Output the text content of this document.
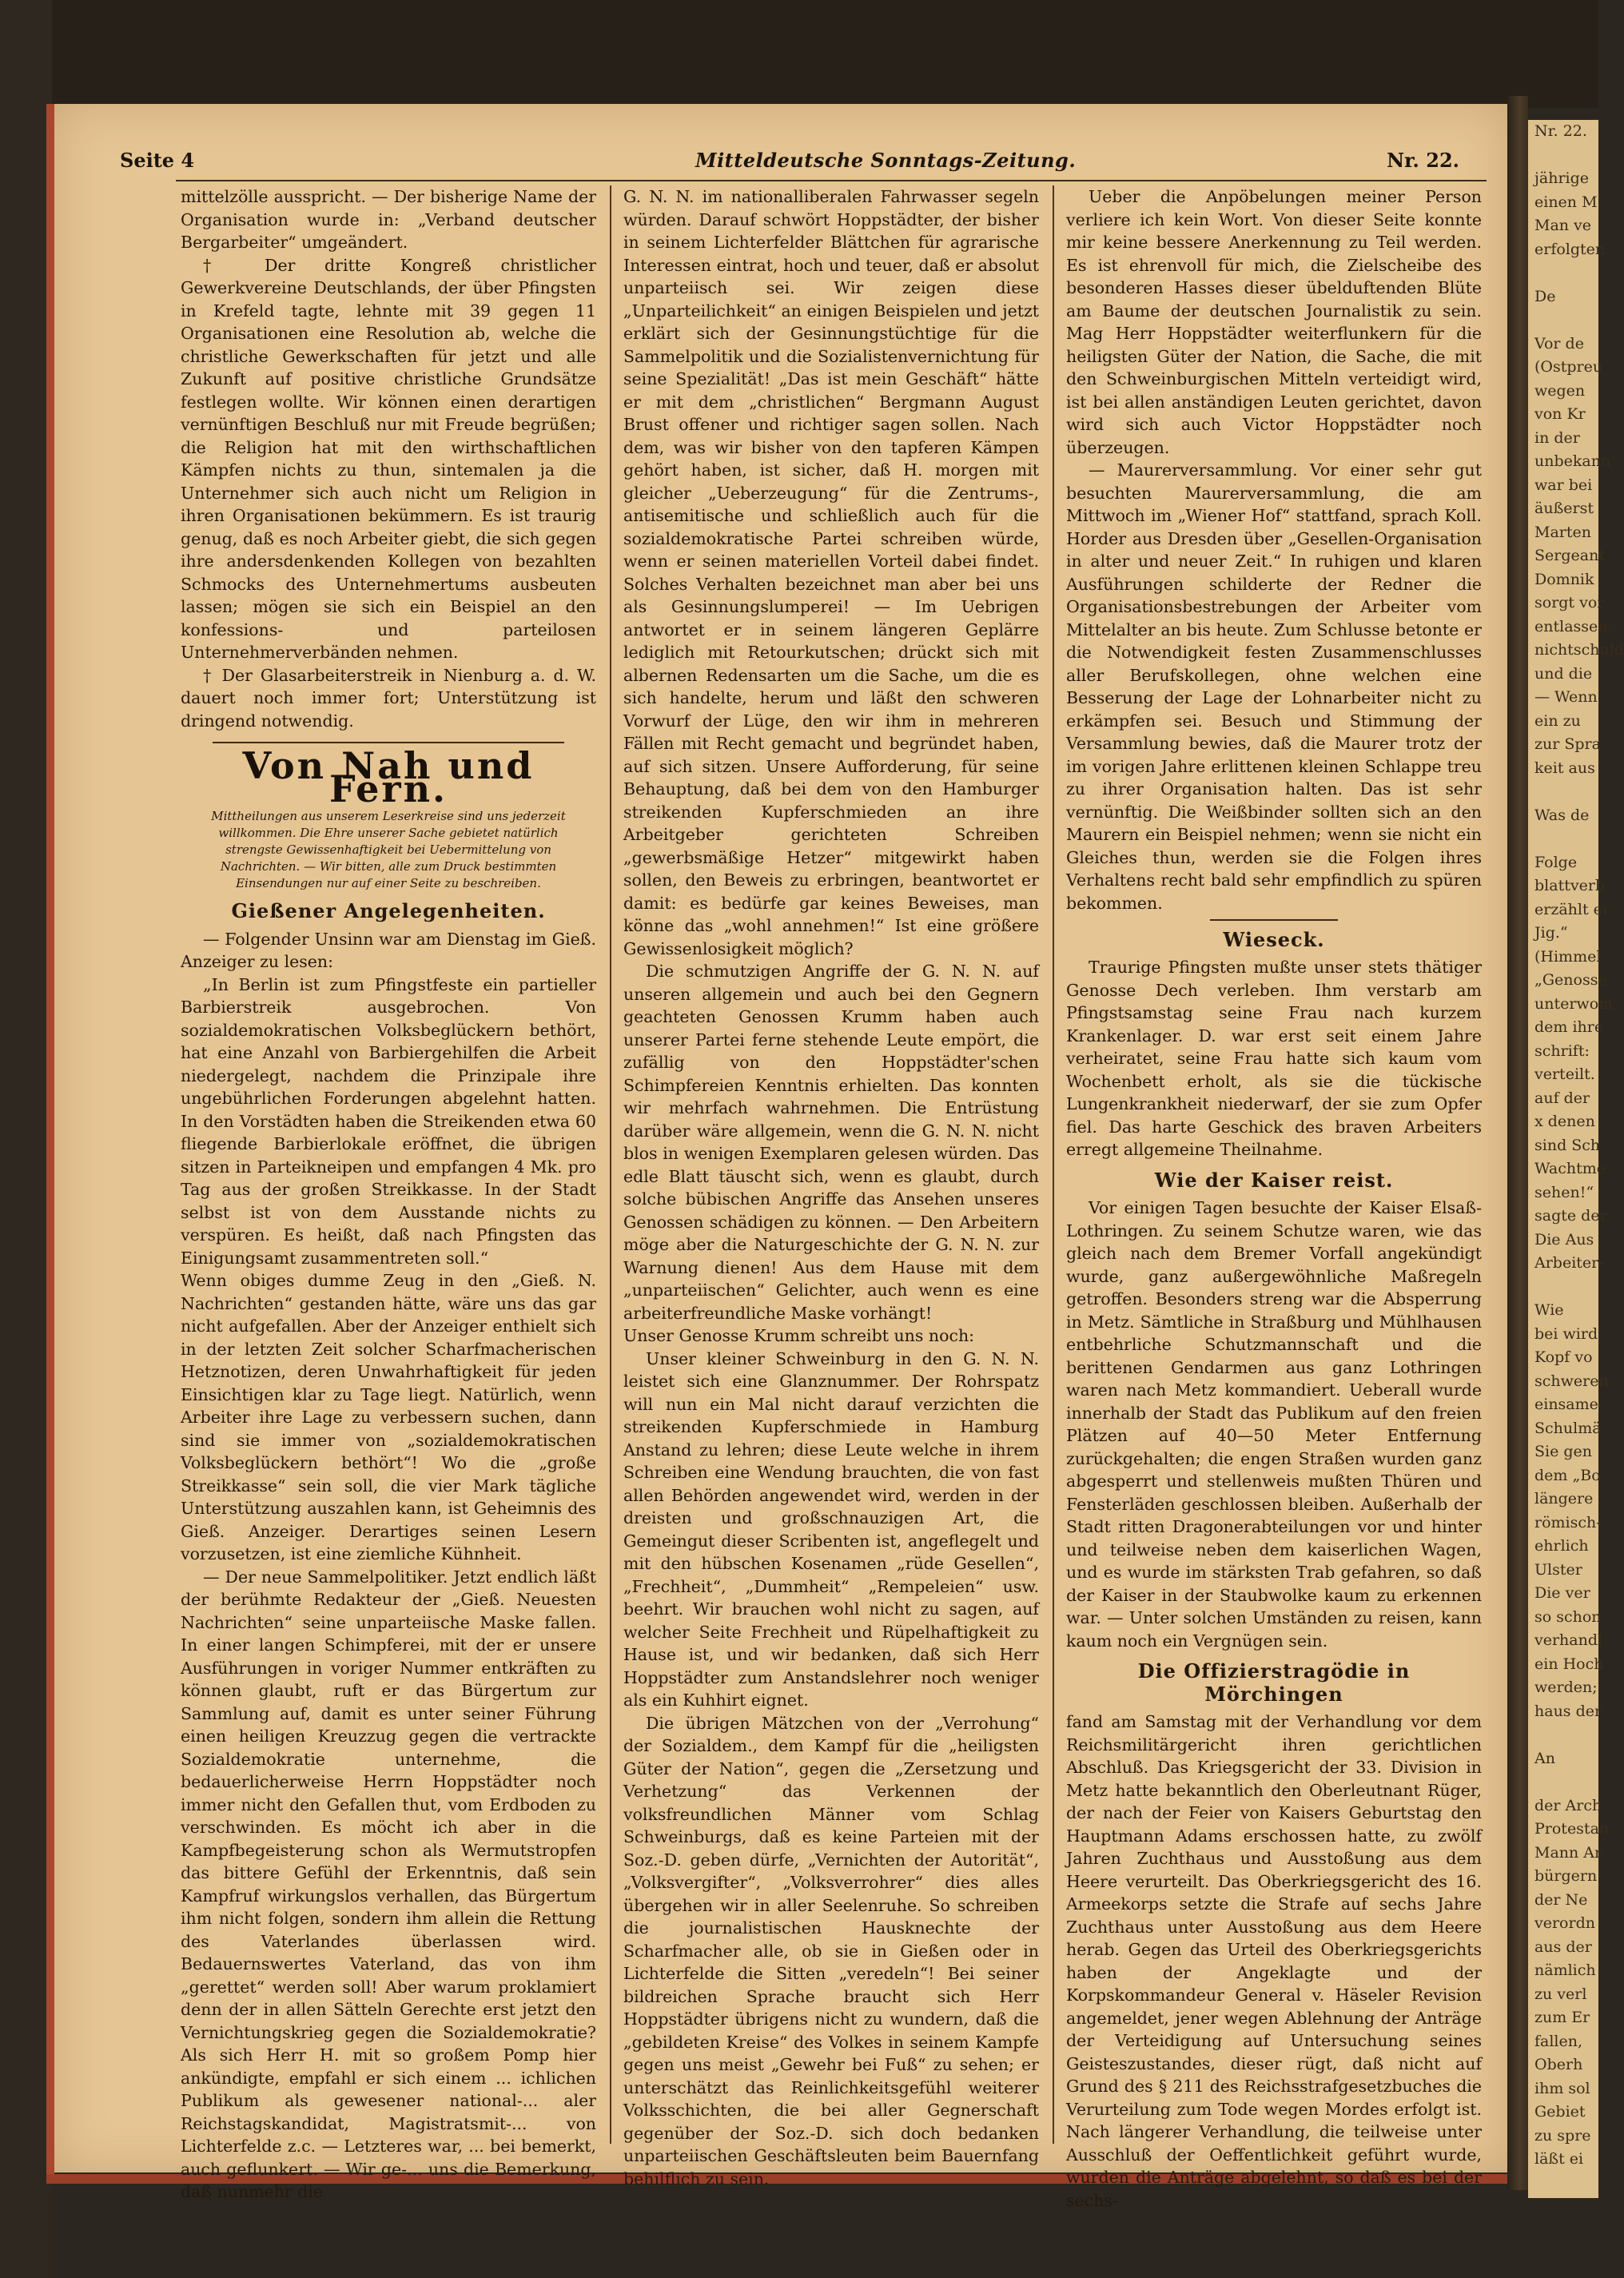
Seite 4	Mitteldeutsche Sonntags-Zeitung.	Nr. 22.

mittelzölle ausspricht. — Der bisherige Name der Organisation wurde in: „Verband deutscher Bergarbeiter“ umgeändert.

† Der dritte Kongreß christlicher Gewerkvereine Deutschlands, der über Pfingsten in Krefeld tagte, lehnte mit 39 gegen 11 Organisationen eine Resolution ab, welche die christliche Gewerkschaften für jetzt und alle Zukunft auf positive christliche Grundsätze festlegen wollte. Wir können einen derartigen vernünftigen Beschluß nur mit Freude begrüßen; die Religion hat mit den wirthschaftlichen Kämpfen nichts zu thun, sintemalen ja die Unternehmer sich auch nicht um Religion in ihren Organisationen bekümmern. Es ist traurig genug, daß es noch Arbeiter giebt, die sich gegen ihre andersdenkenden Kollegen von bezahlten Schmocks des Unternehmertums ausbeuten lassen; mögen sie sich ein Beispiel an den konfessions- und parteilosen Unternehmerverbänden nehmen.

† Der Glasarbeiterstreik in Nienburg a. d. W. dauert noch immer fort; Unterstützung ist dringend notwendig.

Von Nah und Fern.
Mittheilungen aus unserem Leserkreise sind uns jederzeit willkommen. Die Ehre unserer Sache gebietet natürlich strengste Gewissenhaftigkeit bei Uebermittelung von Nachrichten. — Wir bitten, alle zum Druck bestimmten Einsendungen nur auf einer Seite zu beschreiben.
Gießener Angelegenheiten.

— Folgender Unsinn war am Dienstag im Gieß. Anzeiger zu lesen:

„In Berlin ist zum Pfingstfeste ein partieller Barbierstreik ausgebrochen. Von sozialdemokratischen Volksbeglückern bethört, hat eine Anzahl von Barbiergehilfen die Arbeit niedergelegt, nachdem die Prinzipale ihre ungebührlichen Forderungen abgelehnt hatten. In den Vorstädten haben die Streikenden etwa 60 fliegende Barbierlokale eröffnet, die übrigen sitzen in Parteikneipen und empfangen 4 Mk. pro Tag aus der großen Streikkasse. In der Stadt selbst ist von dem Ausstande nichts zu verspüren. Es heißt, daß nach Pfingsten das Einigungsamt zusammentreten soll.“

Wenn obiges dumme Zeug in den „Gieß. N. Nachrichten“ gestanden hätte, wäre uns das gar nicht aufgefallen. Aber der Anzeiger enthielt sich in der letzten Zeit solcher Scharfmacherischen Hetznotizen, deren Unwahrhaftigkeit für jeden Einsichtigen klar zu Tage liegt. Natürlich, wenn Arbeiter ihre Lage zu verbessern suchen, dann sind sie immer von „sozialdemokratischen Volksbeglückern bethört“! Wo die „große Streikkasse“ sein soll, die vier Mark tägliche Unterstützung auszahlen kann, ist Geheimnis des Gieß. Anzeiger. Derartiges seinen Lesern vorzusetzen, ist eine ziemliche Kühnheit.

— Der neue Sammelpolitiker. Jetzt endlich läßt der berühmte Redakteur der „Gieß. Neuesten Nachrichten“ seine unparteiische Maske fallen. In einer langen Schimpferei, mit der er unsere Ausführungen in voriger Nummer entkräften zu können glaubt, ruft er das Bürgertum zur Sammlung auf, damit es unter seiner Führung einen heiligen Kreuzzug gegen die vertrackte Sozialdemokratie unternehme, die bedauerlicherweise Herrn Hoppstädter noch immer nicht den Gefallen thut, vom Erdboden zu verschwinden. Es möcht ich aber in die Kampfbegeisterung schon als Wermutstropfen das bittere Gefühl der Erkenntnis, daß sein Kampfruf wirkungslos verhallen, das Bürgertum ihm nicht folgen, sondern ihm allein die Rettung des Vaterlandes überlassen wird. Bedauernswertes Vaterland, das von ihm „gerettet“ werden soll! Aber warum proklamiert denn der in allen Sätteln Gerechte erst jetzt den Vernichtungskrieg gegen die Sozialdemokratie? Als sich Herr H. mit so großem Pomp hier ankündigte, empfahl er sich einem ... ichlichen Publikum als gewesener national-... aler Reichstagskandidat, Magistratsmit-... von Lichterfelde z.c. — Letzteres war, ... bei bemerkt, auch geflunkert. — Wir ge-... uns die Bemerkung, daß nunmehr die

G. N. N. im nationalliberalen Fahrwasser segeln würden. Darauf schwört Hoppstädter, der bisher in seinem Lichterfelder Blättchen für agrarische Interessen eintrat, hoch und teuer, daß er absolut unparteiisch sei. Wir zeigen diese „Unparteilichkeit“ an einigen Beispielen und jetzt erklärt sich der Gesinnungstüchtige für die Sammelpolitik und die Sozialistenvernichtung für seine Spezialität! „Das ist mein Geschäft“ hätte er mit dem „christlichen“ Bergmann August Brust offener und richtiger sagen sollen. Nach dem, was wir bisher von den tapferen Kämpen gehört haben, ist sicher, daß H. morgen mit gleicher „Ueberzeugung“ für die Zentrums-, antisemitische und schließlich auch für die sozialdemokratische Partei schreiben würde, wenn er seinen materiellen Vorteil dabei findet. Solches Verhalten bezeichnet man aber bei uns als Gesinnungslumperei! — Im Uebrigen antwortet er in seinem längeren Geplärre lediglich mit Retourkutschen; drückt sich mit albernen Redensarten um die Sache, um die es sich handelte, herum und läßt den schweren Vorwurf der Lüge, den wir ihm in mehreren Fällen mit Recht gemacht und begründet haben, auf sich sitzen. Unsere Aufforderung, für seine Behauptung, daß bei dem von den Hamburger streikenden Kupferschmieden an ihre Arbeitgeber gerichteten Schreiben „gewerbsmäßige Hetzer“ mitgewirkt haben sollen, den Beweis zu erbringen, beantwortet er damit: es bedürfe gar keines Beweises, man könne das „wohl annehmen!“ Ist eine größere Gewissenlosigkeit möglich?

Die schmutzigen Angriffe der G. N. N. auf unseren allgemein und auch bei den Gegnern geachteten Genossen Krumm haben auch unserer Partei ferne stehende Leute empört, die zufällig von den Hoppstädter'schen Schimpfereien Kenntnis erhielten. Das konnten wir mehrfach wahrnehmen. Die Entrüstung darüber wäre allgemein, wenn die G. N. N. nicht blos in wenigen Exemplaren gelesen würden. Das edle Blatt täuscht sich, wenn es glaubt, durch solche bübischen Angriffe das Ansehen unseres Genossen schädigen zu können. — Den Arbeitern möge aber die Naturgeschichte der G. N. N. zur Warnung dienen! Aus dem Hause mit dem „unparteiischen“ Gelichter, auch wenn es eine arbeiterfreundliche Maske vorhängt!

Unser Genosse Krumm schreibt uns noch:

Unser kleiner Schweinburg in den G. N. N. leistet sich eine Glanznummer. Der Rohrspatz will nun ein Mal nicht darauf verzichten die streikenden Kupferschmiede in Hamburg Anstand zu lehren; diese Leute welche in ihrem Schreiben eine Wendung brauchten, die von fast allen Behörden angewendet wird, werden in der dreisten und großschnauzigen Art, die Gemeingut dieser Scribenten ist, angeflegelt und mit den hübschen Kosenamen „rüde Gesellen“, „Frechheit“, „Dummheit“ „Rempeleien“ usw. beehrt. Wir brauchen wohl nicht zu sagen, auf welcher Seite Frechheit und Rüpelhaftigkeit zu Hause ist, und wir bedanken, daß sich Herr Hoppstädter zum Anstandslehrer noch weniger als ein Kuhhirt eignet.

Die übrigen Mätzchen von der „Verrohung“ der Sozialdem., dem Kampf für die „heiligsten Güter der Nation“, gegen die „Zersetzung und Verhetzung“ das Verkennen der volksfreundlichen Männer vom Schlag Schweinburgs, daß es keine Parteien mit der Soz.-D. geben dürfe, „Vernichten der Autorität“, „Volksvergifter“, „Volksverrohrer“ dies alles übergehen wir in aller Seelenruhe. So schreiben die journalistischen Hausknechte der Scharfmacher alle, ob sie in Gießen oder in Lichterfelde die Sitten „veredeln“! Bei seiner bildreichen Sprache braucht sich Herr Hoppstädter übrigens nicht zu wundern, daß die „gebildeten Kreise“ des Volkes in seinem Kampfe gegen uns meist „Gewehr bei Fuß“ zu sehen; er unterschätzt das Reinlichkeitsgefühl weiterer Volksschichten, die bei aller Gegnerschaft gegenüber der Soz.-D. sich doch bedanken unparteiischen Geschäftsleuten beim Bauernfang behilflich zu sein.

Ueber die Anpöbelungen meiner Person verliere ich kein Wort. Von dieser Seite konnte mir keine bessere Anerkennung zu Teil werden. Es ist ehrenvoll für mich, die Zielscheibe des besonderen Hasses dieser übelduftenden Blüte am Baume der deutschen Journalistik zu sein. Mag Herr Hoppstädter weiterflunkern für die heiligsten Güter der Nation, die Sache, die mit den Schweinburgischen Mitteln verteidigt wird, ist bei allen anständigen Leuten gerichtet, davon wird sich auch Victor Hoppstädter noch überzeugen.

— Maurerversammlung. Vor einer sehr gut besuchten Maurerversammlung, die am Mittwoch im „Wiener Hof“ stattfand, sprach Koll. Horder aus Dresden über „Gesellen-Organisation in alter und neuer Zeit.“ In ruhigen und klaren Ausführungen schilderte der Redner die Organisationsbestrebungen der Arbeiter vom Mittelalter an bis heute. Zum Schlusse betonte er die Notwendigkeit festen Zusammenschlusses aller Berufskollegen, ohne welchen eine Besserung der Lage der Lohnarbeiter nicht zu erkämpfen sei. Besuch und Stimmung der Versammlung bewies, daß die Maurer trotz der im vorigen Jahre erlittenen kleinen Schlappe treu zu ihrer Organisation halten. Das ist sehr vernünftig. Die Weißbinder sollten sich an den Maurern ein Beispiel nehmen; wenn sie nicht ein Gleiches thun, werden sie die Folgen ihres Verhaltens recht bald sehr empfindlich zu spüren bekommen.

Wieseck.

Traurige Pfingsten mußte unser stets thätiger Genosse Dech verleben. Ihm verstarb am Pfingstsamstag seine Frau nach kurzem Krankenlager. D. war erst seit einem Jahre verheiratet, seine Frau hatte sich kaum vom Wochenbett erholt, als sie die tückische Lungenkrankheit niederwarf, der sie zum Opfer fiel. Das harte Geschick des braven Arbeiters erregt allgemeine Theilnahme.

Wie der Kaiser reist.

Vor einigen Tagen besuchte der Kaiser Elsaß-Lothringen. Zu seinem Schutze waren, wie das gleich nach dem Bremer Vorfall angekündigt wurde, ganz außergewöhnliche Maßregeln getroffen. Besonders streng war die Absperrung in Metz. Sämtliche in Straßburg und Mühlhausen entbehrliche Schutzmannschaft und die berittenen Gendarmen aus ganz Lothringen waren nach Metz kommandiert. Ueberall wurde innerhalb der Stadt das Publikum auf den freien Plätzen auf 40—50 Meter Entfernung zurückgehalten; die engen Straßen wurden ganz abgesperrt und stellenweis mußten Thüren und Fensterläden geschlossen bleiben. Außerhalb der Stadt ritten Dragonerabteilungen vor und hinter und teilweise neben dem kaiserlichen Wagen, und es wurde im stärksten Trab gefahren, so daß der Kaiser in der Staubwolke kaum zu erkennen war. — Unter solchen Umständen zu reisen, kann kaum noch ein Vergnügen sein.

Die Offizierstragödie in Mörchingen

fand am Samstag mit der Verhandlung vor dem Reichsmilitärgericht ihren gerichtlichen Abschluß. Das Kriegsgericht der 33. Division in Metz hatte bekanntlich den Oberleutnant Rüger, der nach der Feier von Kaisers Geburtstag den Hauptmann Adams erschossen hatte, zu zwölf Jahren Zuchthaus und Ausstoßung aus dem Heere verurteilt. Das Oberkriegsgericht des 16. Armeekorps setzte die Strafe auf sechs Jahre Zuchthaus unter Ausstoßung aus dem Heere herab. Gegen das Urteil des Oberkriegsgerichts haben der Angeklagte und der Korpskommandeur General v. Häseler Revision angemeldet, jener wegen Ablehnung der Anträge der Verteidigung auf Untersuchung seines Geisteszustandes, dieser rügt, daß nicht auf Grund des § 211 des Reichsstrafgesetzbuches die Verurteilung zum Tode wegen Mordes erfolgt ist. Nach längerer Verhandlung, die teilweise unter Ausschluß der Oeffentlichkeit geführt wurde, wurden die Anträge abgelehnt, so daß es bei der sechs-

Nr. 22.

jährige
einen M
Man ve
erfolgten

De

Vor de
(Ostpreu
wegen
von Kr
in der
unbekann
war bei
äußerst
Marten
Sergeant
Domnik
sorgt vor
entlassen.
nichtschuld
und die
— Wenn
ein zu
zur Spra
keit aus

Was de

Folge
blattverb
erzählt ei
Jig.“
(Himmel
„Genosse
unterwom
dem ihre
schrift:
verteilt.
auf der
x denen
sind Sch
Wachtme
sehen!“
sagte der
Die Aus
Arbeiter-

Wie
bei wird
Kopf vo
schweren
einsame
Schulmä
Sie gen
dem „Bo
längere
römisch-
ehrlich
Ulster
Die ver
so schon
verhandl
ein Hoch
werden;
haus der

An

der Arch
Protestan
Mann Ar
bürgern
der Ne
verordn
aus der
nämlich
zu verl
zum Er
fallen,
Oberh
ihm sol
Gebiet
zu spre
läßt ei
